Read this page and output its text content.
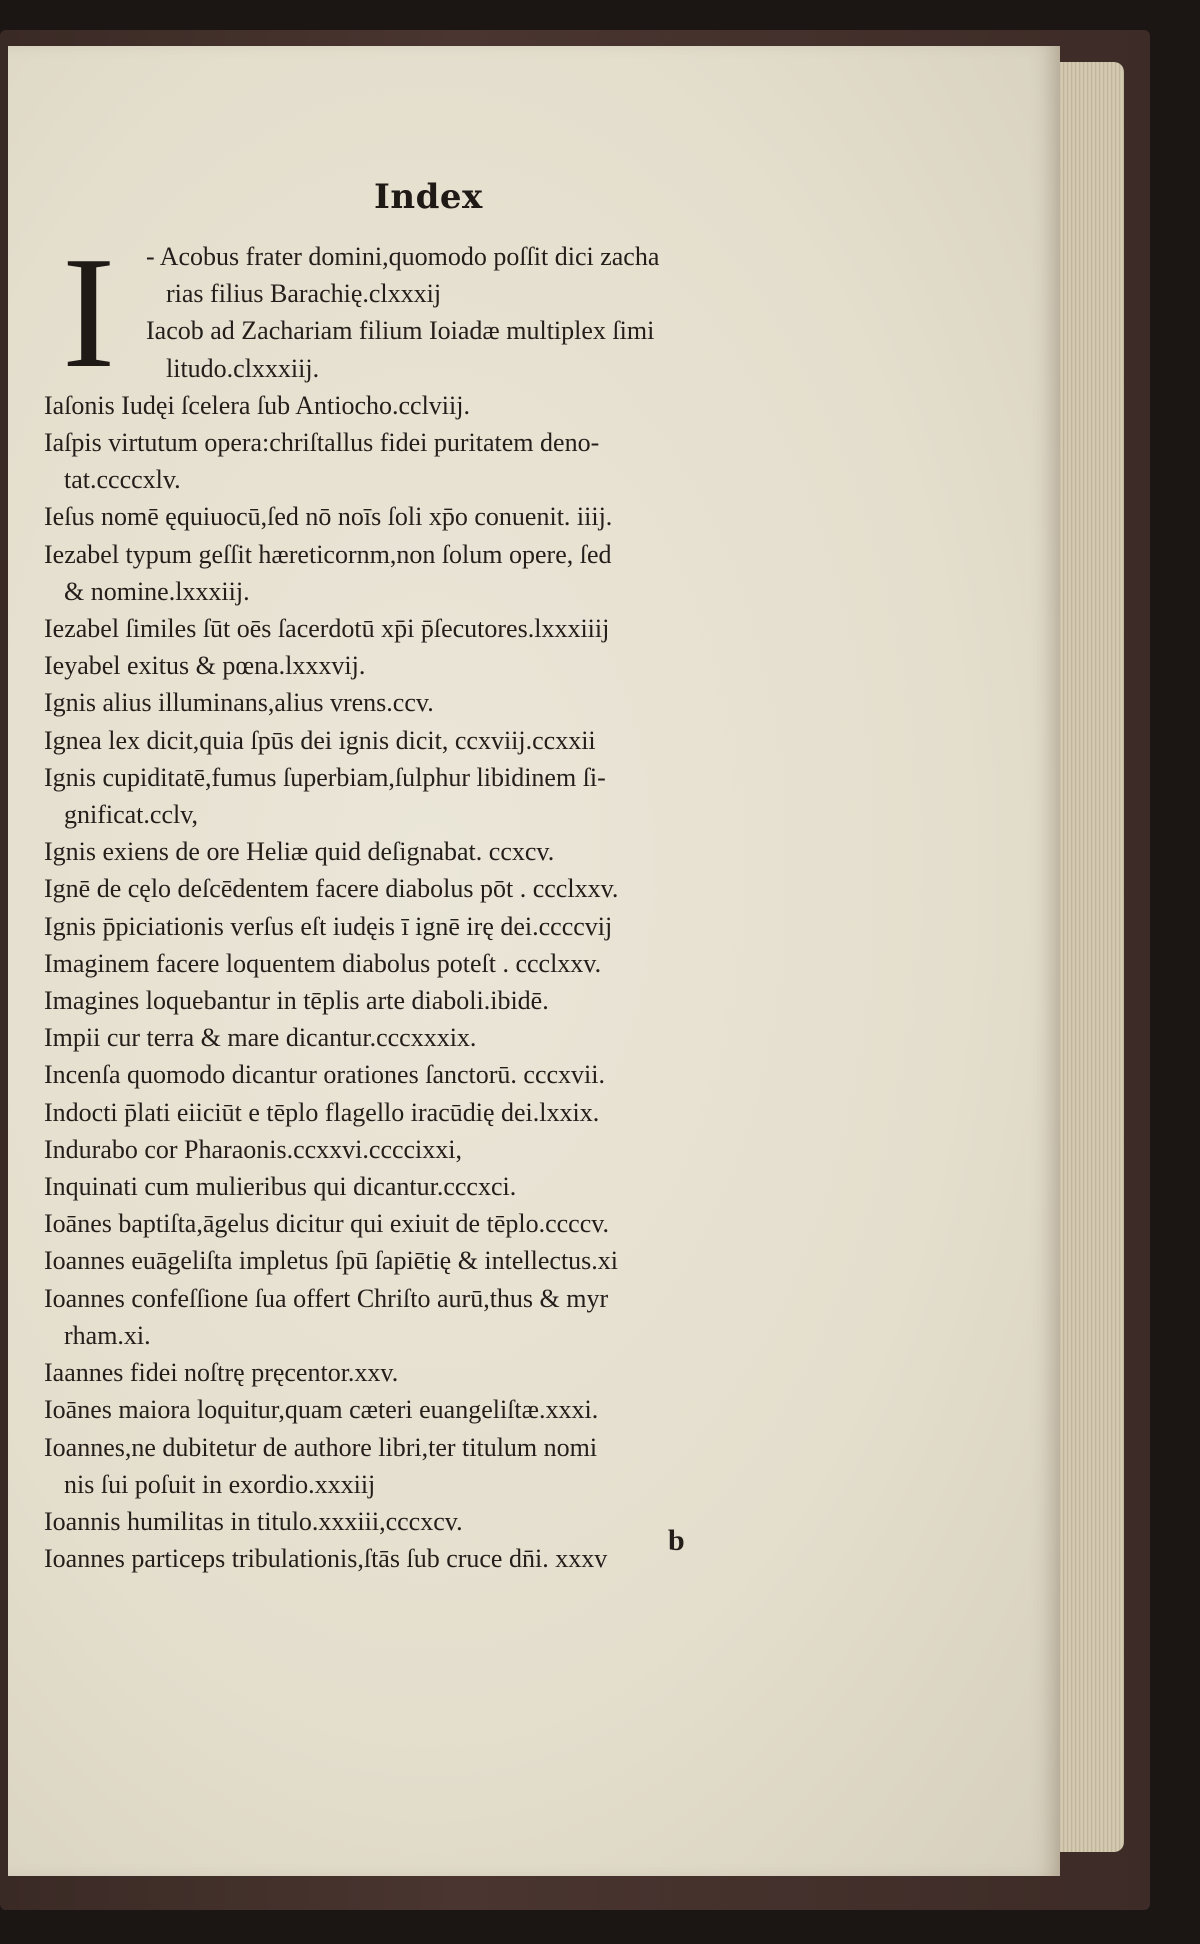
Index
I	- Acobus frater domini,quomodo poſſit dici zacha
rias filius Barachię.clxxxij
Iacob ad Zachariam filium Ioiadæ multiplex ſimi
litudo.clxxxiij.
Iaſonis Iudęi ſcelera ſub Antiocho.cclviij.
Iaſpis virtutum opera:chriſtallus fidei puritatem deno-
tat.ccccxlv.
Ieſus nomē ęquiuocū,ſed nō noīs ſoli xp̄o conuenit. iiij.
Iezabel typum geſſit hæreticornm,non ſolum opere, ſed
& nomine.lxxxiij.
Iezabel ſimiles ſūt oēs ſacerdotū xp̄i p̄ſecutores.lxxxiiij
Ieyabel exitus & pœna.lxxxvij.
Ignis alius illuminans,alius vrens.ccv.
Ignea lex dicit,quia ſpūs dei ignis dicit, ccxviij.ccxxii
Ignis cupiditatē,fumus ſuperbiam,ſulphur libidinem ſi-
gnificat.cclv,
Ignis exiens de ore Heliæ quid deſignabat. ccxcv.
Ignē de cęlo deſcēdentem facere diabolus pōt . ccclxxv.
Ignis p̄piciationis verſus eſt iudęis ī ignē irę dei.ccccvij
Imaginem facere loquentem diabolus poteſt . ccclxxv.
Imagines loquebantur in tēplis arte diaboli.ibidē.
Impii cur terra & mare dicantur.cccxxxix.
Incenſa quomodo dicantur orationes ſanctorū. cccxvii.
Indocti p̄lati eiiciūt e tēplo flagello iracūdię dei.lxxix.
Indurabo cor Pharaonis.ccxxvi.ccccixxi,
Inquinati cum mulieribus qui dicantur.cccxci.
Ioānes baptiſta,āgelus dicitur qui exiuit de tēplo.ccccv.
Ioannes euāgeliſta impletus ſpū ſapiētię & intellectus.xi
Ioannes confeſſione ſua offert Chriſto aurū,thus & myr
rham.xi.
Iaannes fidei noſtrę pręcentor.xxv.
Ioānes maiora loquitur,quam cæteri euangeliſtæ.xxxi.
Ioannes,ne dubitetur de authore libri,ter titulum nomi
nis ſui poſuit in exordio.xxxiij
Ioannis humilitas in titulo.xxxiii,cccxcv.
Ioannes particeps tribulationis,ſtās ſub cruce dn̄i. xxxv
b
